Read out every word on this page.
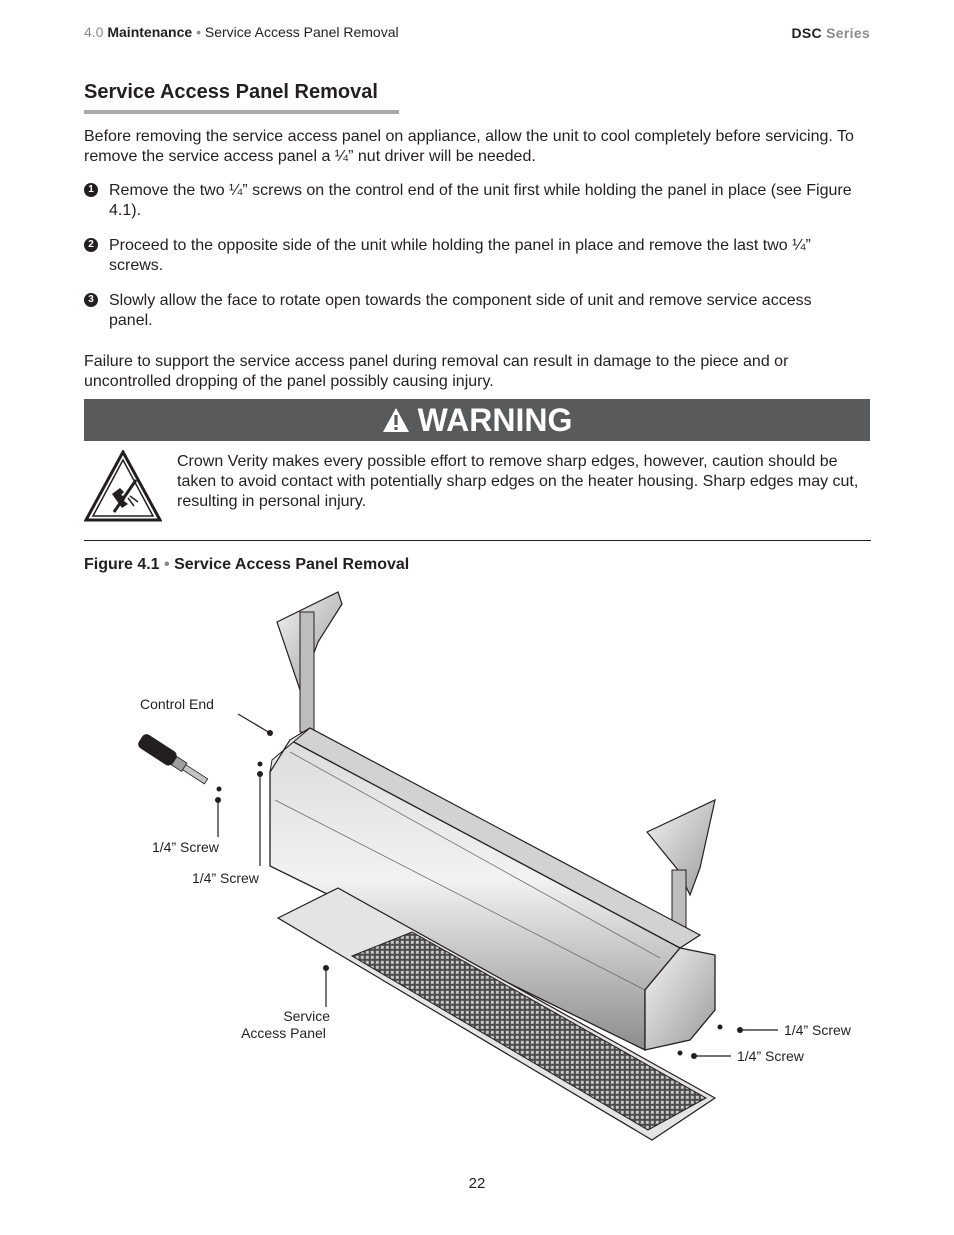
4.0 Maintenance • Service Access Panel Removal	DSC Series
Service Access Panel Removal

Before removing the service access panel on appliance, allow the unit to cool completely before servicing. To remove the service access panel a ¼” nut driver will be needed.

1 Remove the two ¼” screws on the control end of the unit first while holding the panel in place (see Figure 4.1).
2 Proceed to the opposite side of the unit while holding the panel in place and remove the last two ¼” screws.
3 Slowly allow the face to rotate open towards the component side of unit and remove service access panel.

Failure to support the service access panel during removal can result in damage to the piece and or uncontrolled dropping of the panel possibly causing injury.

WARNING
Crown Verity makes every possible effort to remove sharp edges, however, caution should be taken to avoid contact with potentially sharp edges on the heater housing. Sharp edges may cut, resulting in personal injury.
Figure 4.1 • Service Access Panel Removal
Control End
1/4” Screw
1/4” Screw
Service
Access Panel	1/4” Screw
1/4” Screw
22
